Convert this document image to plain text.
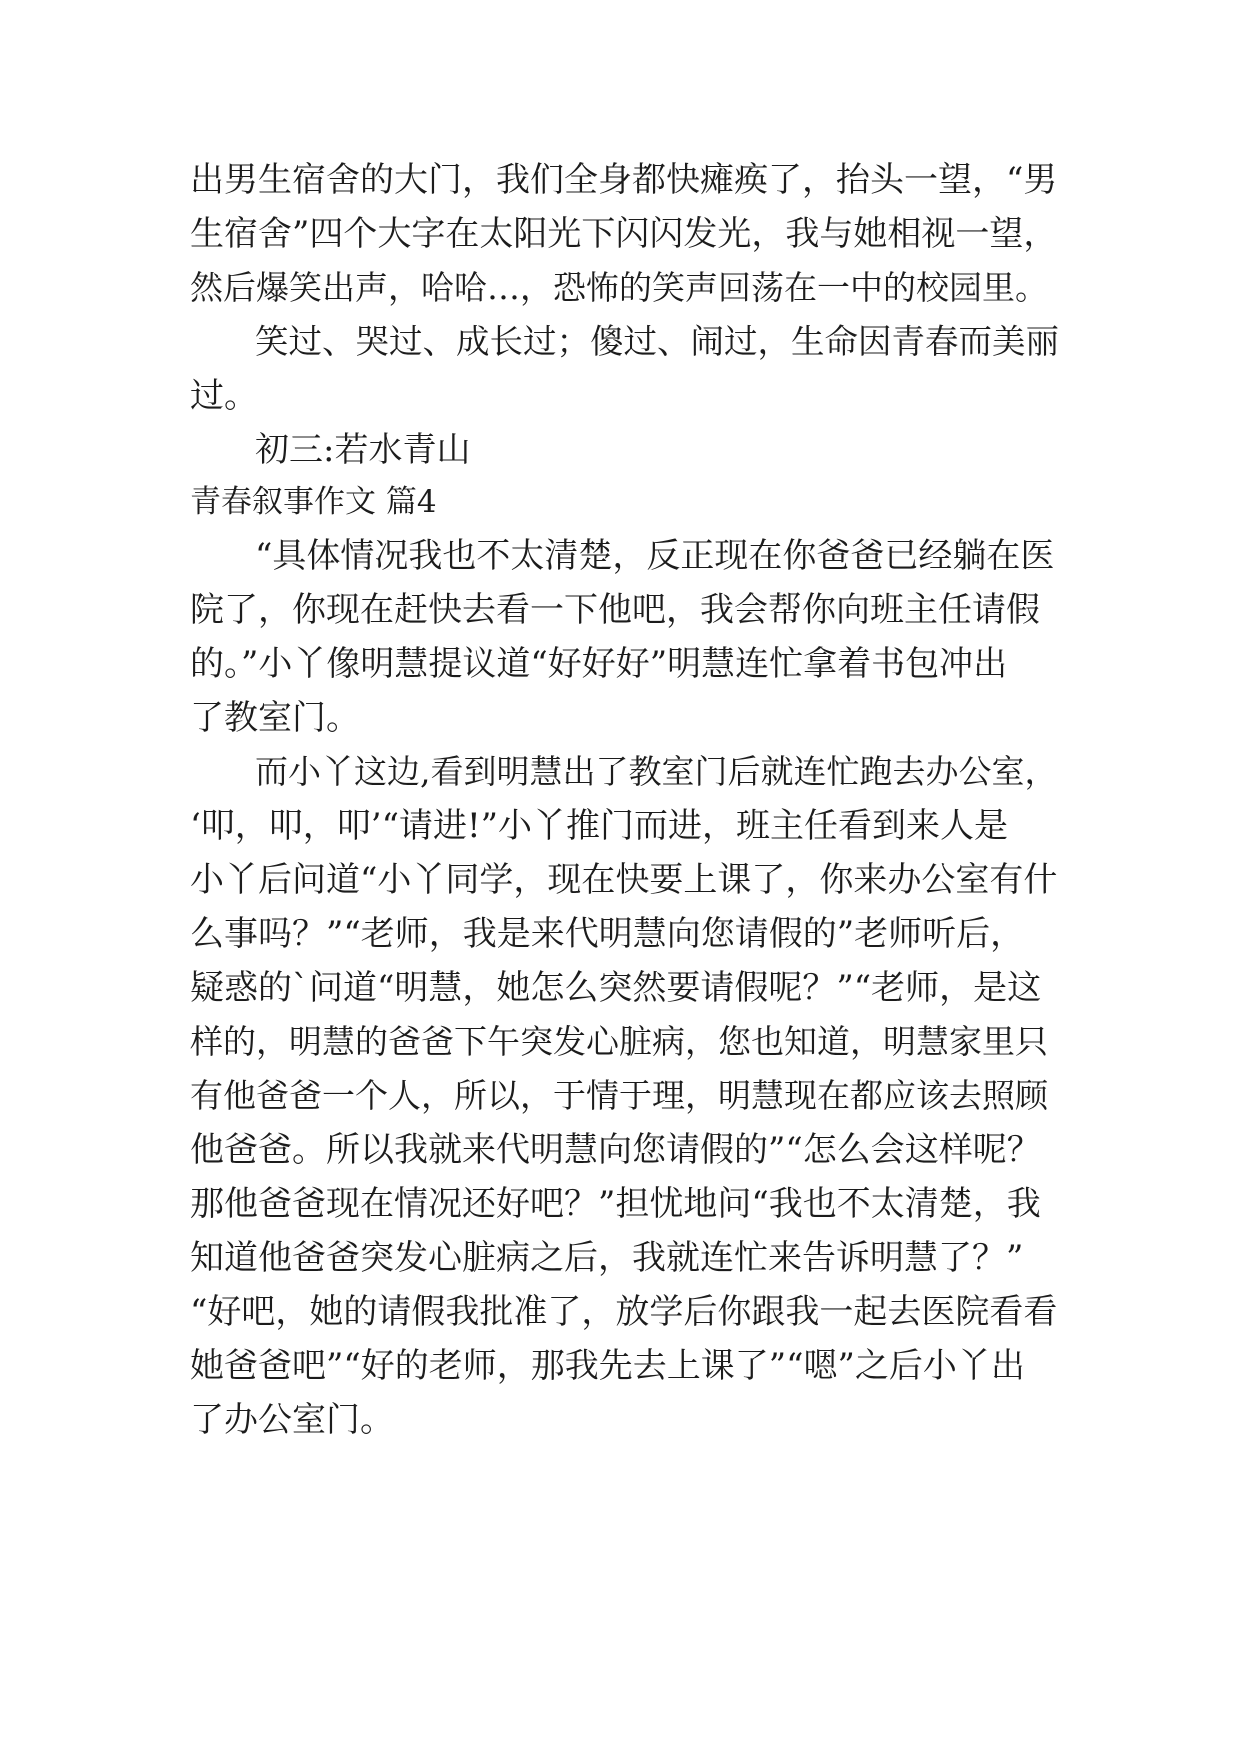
出男生宿舍的大门，我们全身都快瘫痪了，抬头一望，“男
生宿舍”四个大字在太阳光下闪闪发光，我与她相视一望，
然后爆笑出声，哈哈…，恐怖的笑声回荡在一中的校园里。
笑过、哭过、成长过；傻过、闹过，生命因青春而美丽
过。
初三:若水青山
青春叙事作文 篇4
“具体情况我也不太清楚，反正现在你爸爸已经躺在医
院了，你现在赶快去看一下他吧，我会帮你向班主任请假
的。”小丫像明慧提议道“好好好”明慧连忙拿着书包冲出
了教室门。
而小丫这边,看到明慧出了教室门后就连忙跑去办公室，
‘叩，叩，叩’“请进!”小丫推门而进，班主任看到来人是
小丫后问道“小丫同学，现在快要上课了，你来办公室有什
么事吗？”“老师，我是来代明慧向您请假的”老师听后，
疑惑的`问道“明慧，她怎么突然要请假呢？”“老师，是这
样的，明慧的爸爸下午突发心脏病，您也知道，明慧家里只
有他爸爸一个人，所以，于情于理，明慧现在都应该去照顾
他爸爸。所以我就来代明慧向您请假的”“怎么会这样呢？
那他爸爸现在情况还好吧？”担忧地问“我也不太清楚，我
知道他爸爸突发心脏病之后，我就连忙来告诉明慧了？”
“好吧，她的请假我批准了，放学后你跟我一起去医院看看
她爸爸吧”“好的老师，那我先去上课了”“嗯”之后小丫出
了办公室门。
